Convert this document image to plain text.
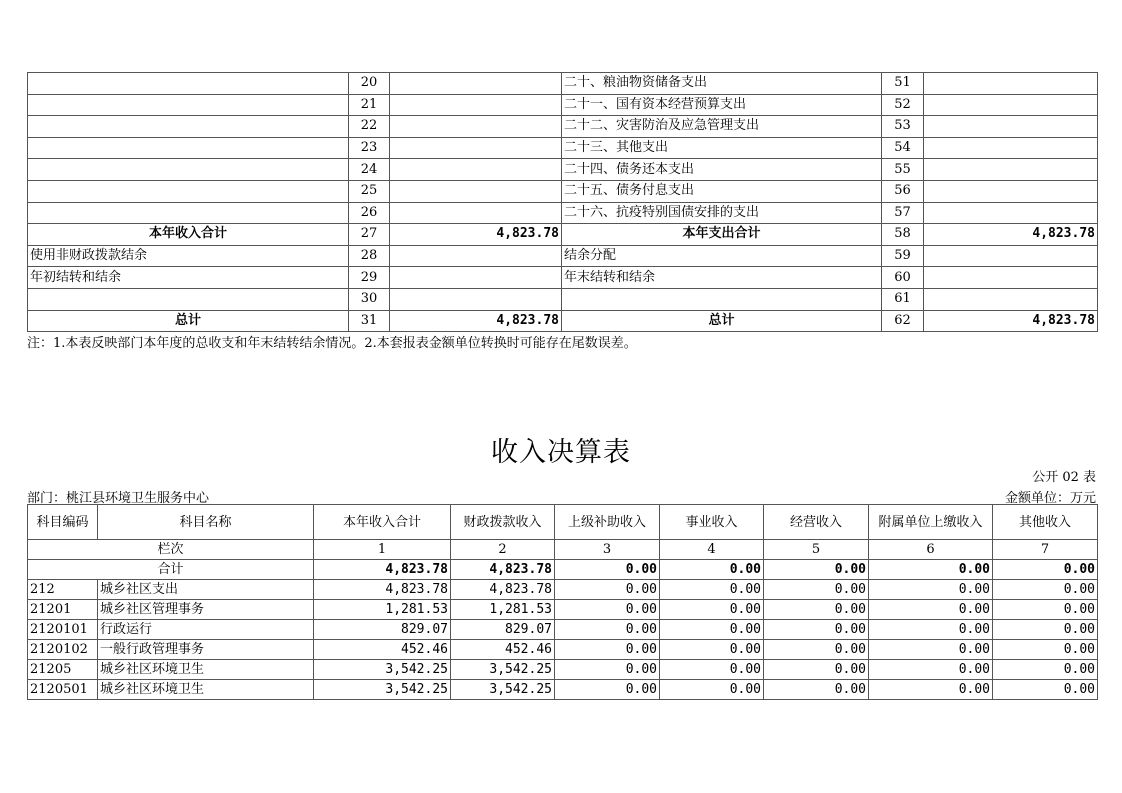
	20		二十、粮油物资储备支出	51	
	21		二十一、国有资本经营预算支出	52	
	22		二十二、灾害防治及应急管理支出	53	
	23		二十三、其他支出	54	
	24		二十四、债务还本支出	55	
	25		二十五、债务付息支出	56	
	26		二十六、抗疫特别国债安排的支出	57	
本年收入合计	27	4,823.78	本年支出合计	58	4,823.78
使用非财政拨款结余	28		结余分配	59	
年初结转和结余	29		年末结转和结余	60	
	30			61	
总计	31	4,823.78	总计	62	4,823.78
注：1.本表反映部门本年度的总收支和年末结转结余情况。2.本套报表金额单位转换时可能存在尾数误差。
收入决算表
公开 02 表
部门：桃江县环境卫生服务中心	金额单位：万元
科目编码	科目名称	本年收入合计	财政拨款收入	上级补助收入	事业收入	经营收入	附属单位上缴收入	其他收入
栏次		1	2	3	4	5	6	7
合计		4,823.78	4,823.78	0.00	0.00	0.00	0.00	0.00
212	城乡社区支出	4,823.78	4,823.78	0.00	0.00	0.00	0.00	0.00
21201	城乡社区管理事务	1,281.53	1,281.53	0.00	0.00	0.00	0.00	0.00
2120101	行政运行	829.07	829.07	0.00	0.00	0.00	0.00	0.00
2120102	一般行政管理事务	452.46	452.46	0.00	0.00	0.00	0.00	0.00
21205	城乡社区环境卫生	3,542.25	3,542.25	0.00	0.00	0.00	0.00	0.00
2120501	城乡社区环境卫生	3,542.25	3,542.25	0.00	0.00	0.00	0.00	0.00
